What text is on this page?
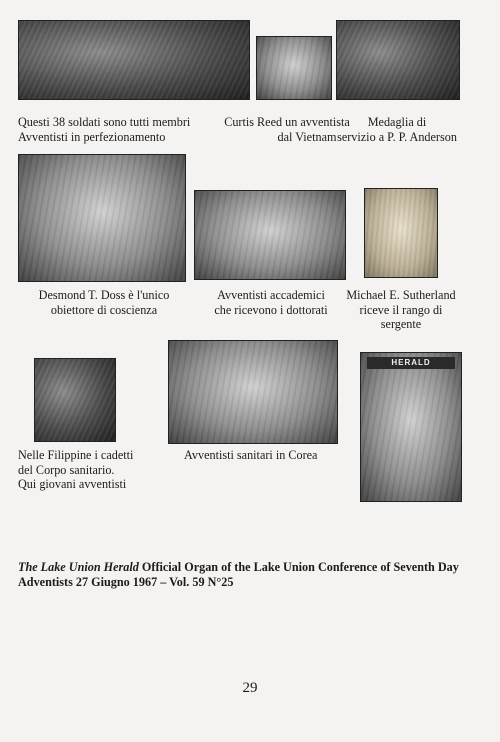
Questi 38 soldati sono tutti membri
Avventisti in perfezionamento

Curtis Reed un avventista
dal Vietnam

Medaglia di
servizio a P. P. Anderson

Desmond T. Doss è l'unico
obiettore di coscienza

Avventisti accademici
che ricevono i dottorati

Michael E. Sutherland
riceve il rango di
sergente

HERALD

Nelle Filippine i cadetti
del Corpo sanitario.
Qui giovani avventisti

Avventisti sanitari in Corea

The Lake Union Herald Official Organ of the Lake Union Conference of Seventh Day Adventists 27 Giugno 1967 – Vol. 59 N°25
29
